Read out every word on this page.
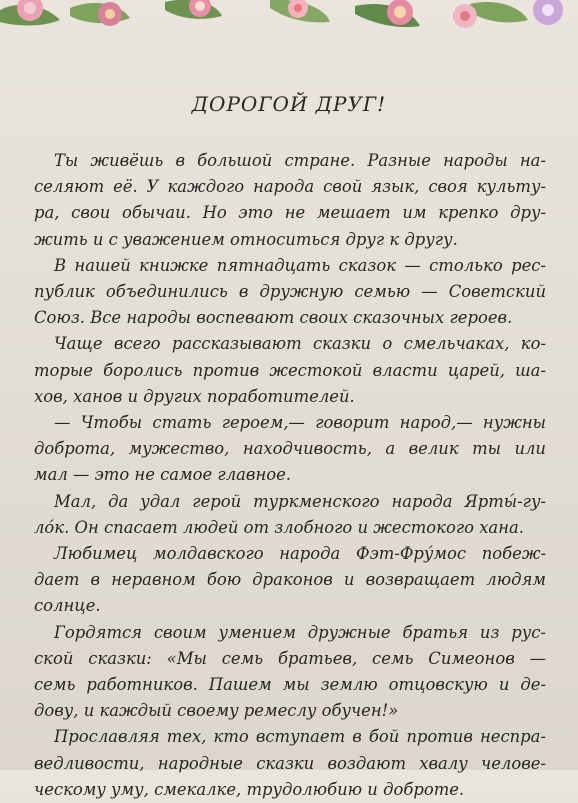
ДОРОГОЙ ДРУГ!
Ты живёшь в большой стране. Разные народы на-
селяют её. У каждого народа свой язык, своя культу-
ра, свои обычаи. Но это не мешает им крепко дру-
жить и с уважением относиться друг к другу.
В нашей книжке пятнадцать сказок — столько рес-
публик объединились в дружную семью — Советский
Союз. Все народы воспевают своих сказочных героев.
Чаще всего рассказывают сказки о смельчаках, ко-
торые боролись против жестокой власти царей, ша-
хов, ханов и других поработителей.
— Чтобы стать героем,— говорит народ,— нужны
доброта, мужество, находчивость, а велик ты или
мал — это не самое главное.
Мал, да удал герой туркменского народа Ярты́-гу-
ло́к. Он спасает людей от злобного и жестокого хана.
Любимец молдавского народа Фэт-Фру́мос побеж-
дает в неравном бою драконов и возвращает людям
солнце.
Гордятся своим умением дружные братья из рус-
ской сказки: «Мы семь братьев, семь Симеонов —
семь работников. Пашем мы землю отцовскую и де-
дову, и каждый своему ремеслу обучен!»
Прославляя тех, кто вступает в бой против неспра-
ведливости, народные сказки воздают хвалу челове-
ческому уму, смекалке, трудолюбию и доброте.
